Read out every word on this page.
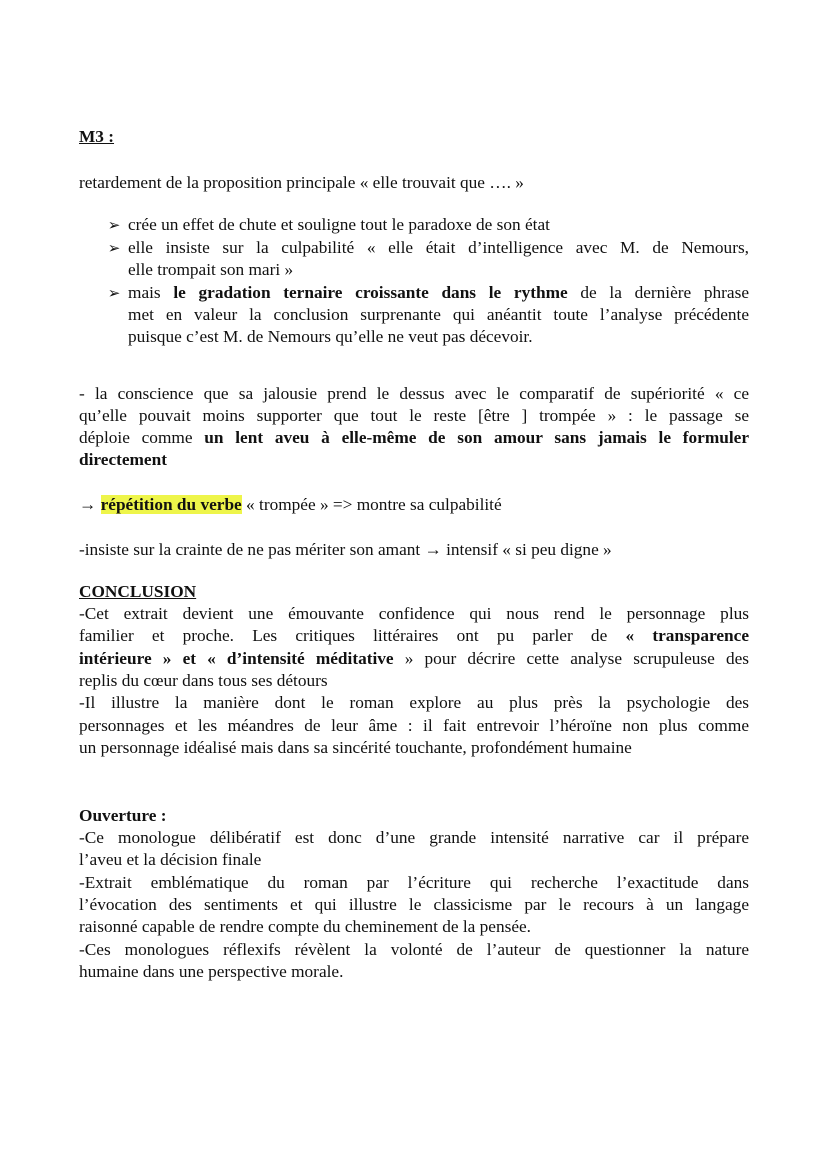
M3 :
retardement de la proposition principale « elle trouvait que …. »
➢ crée un effet de chute et souligne tout le paradoxe de son état
➢ elle insiste sur la culpabilité « elle était d’intelligence avec M. de Nemours,
elle trompait son mari »
➢ mais le gradation ternaire croissante dans le rythme de la dernière phrase
met en valeur la conclusion surprenante qui anéantit toute l’analyse précédente
puisque c’est M. de Nemours qu’elle ne veut pas décevoir.
- la conscience que sa jalousie prend le dessus avec le comparatif de supériorité « ce
qu’elle pouvait moins supporter que tout le reste [être ] trompée » : le passage se
déploie comme un lent aveu à elle-même de son amour sans jamais le formuler
directement
→ répétition du verbe « trompée » => montre sa culpabilité
-insiste sur la crainte de ne pas mériter son amant → intensif « si peu digne »
CONCLUSION
-Cet extrait devient une émouvante confidence qui nous rend le personnage plus
familier et proche. Les critiques littéraires ont pu parler de « transparence
intérieure » et « d’intensité méditative » pour décrire cette analyse scrupuleuse des
replis du cœur dans tous ses détours
-Il illustre la manière dont le roman explore au plus près la psychologie des
personnages et les méandres de leur âme : il fait entrevoir l’héroïne non plus comme
un personnage idéalisé mais dans sa sincérité touchante, profondément humaine
Ouverture :
-Ce monologue délibératif est donc d’une grande intensité narrative car il prépare
l’aveu et la décision finale
-Extrait emblématique du roman par l’écriture qui recherche l’exactitude dans
l’évocation des sentiments et qui illustre le classicisme par le recours à un langage
raisonné capable de rendre compte du cheminement de la pensée.
-Ces monologues réflexifs révèlent la volonté de l’auteur de questionner la nature
humaine dans une perspective morale.
